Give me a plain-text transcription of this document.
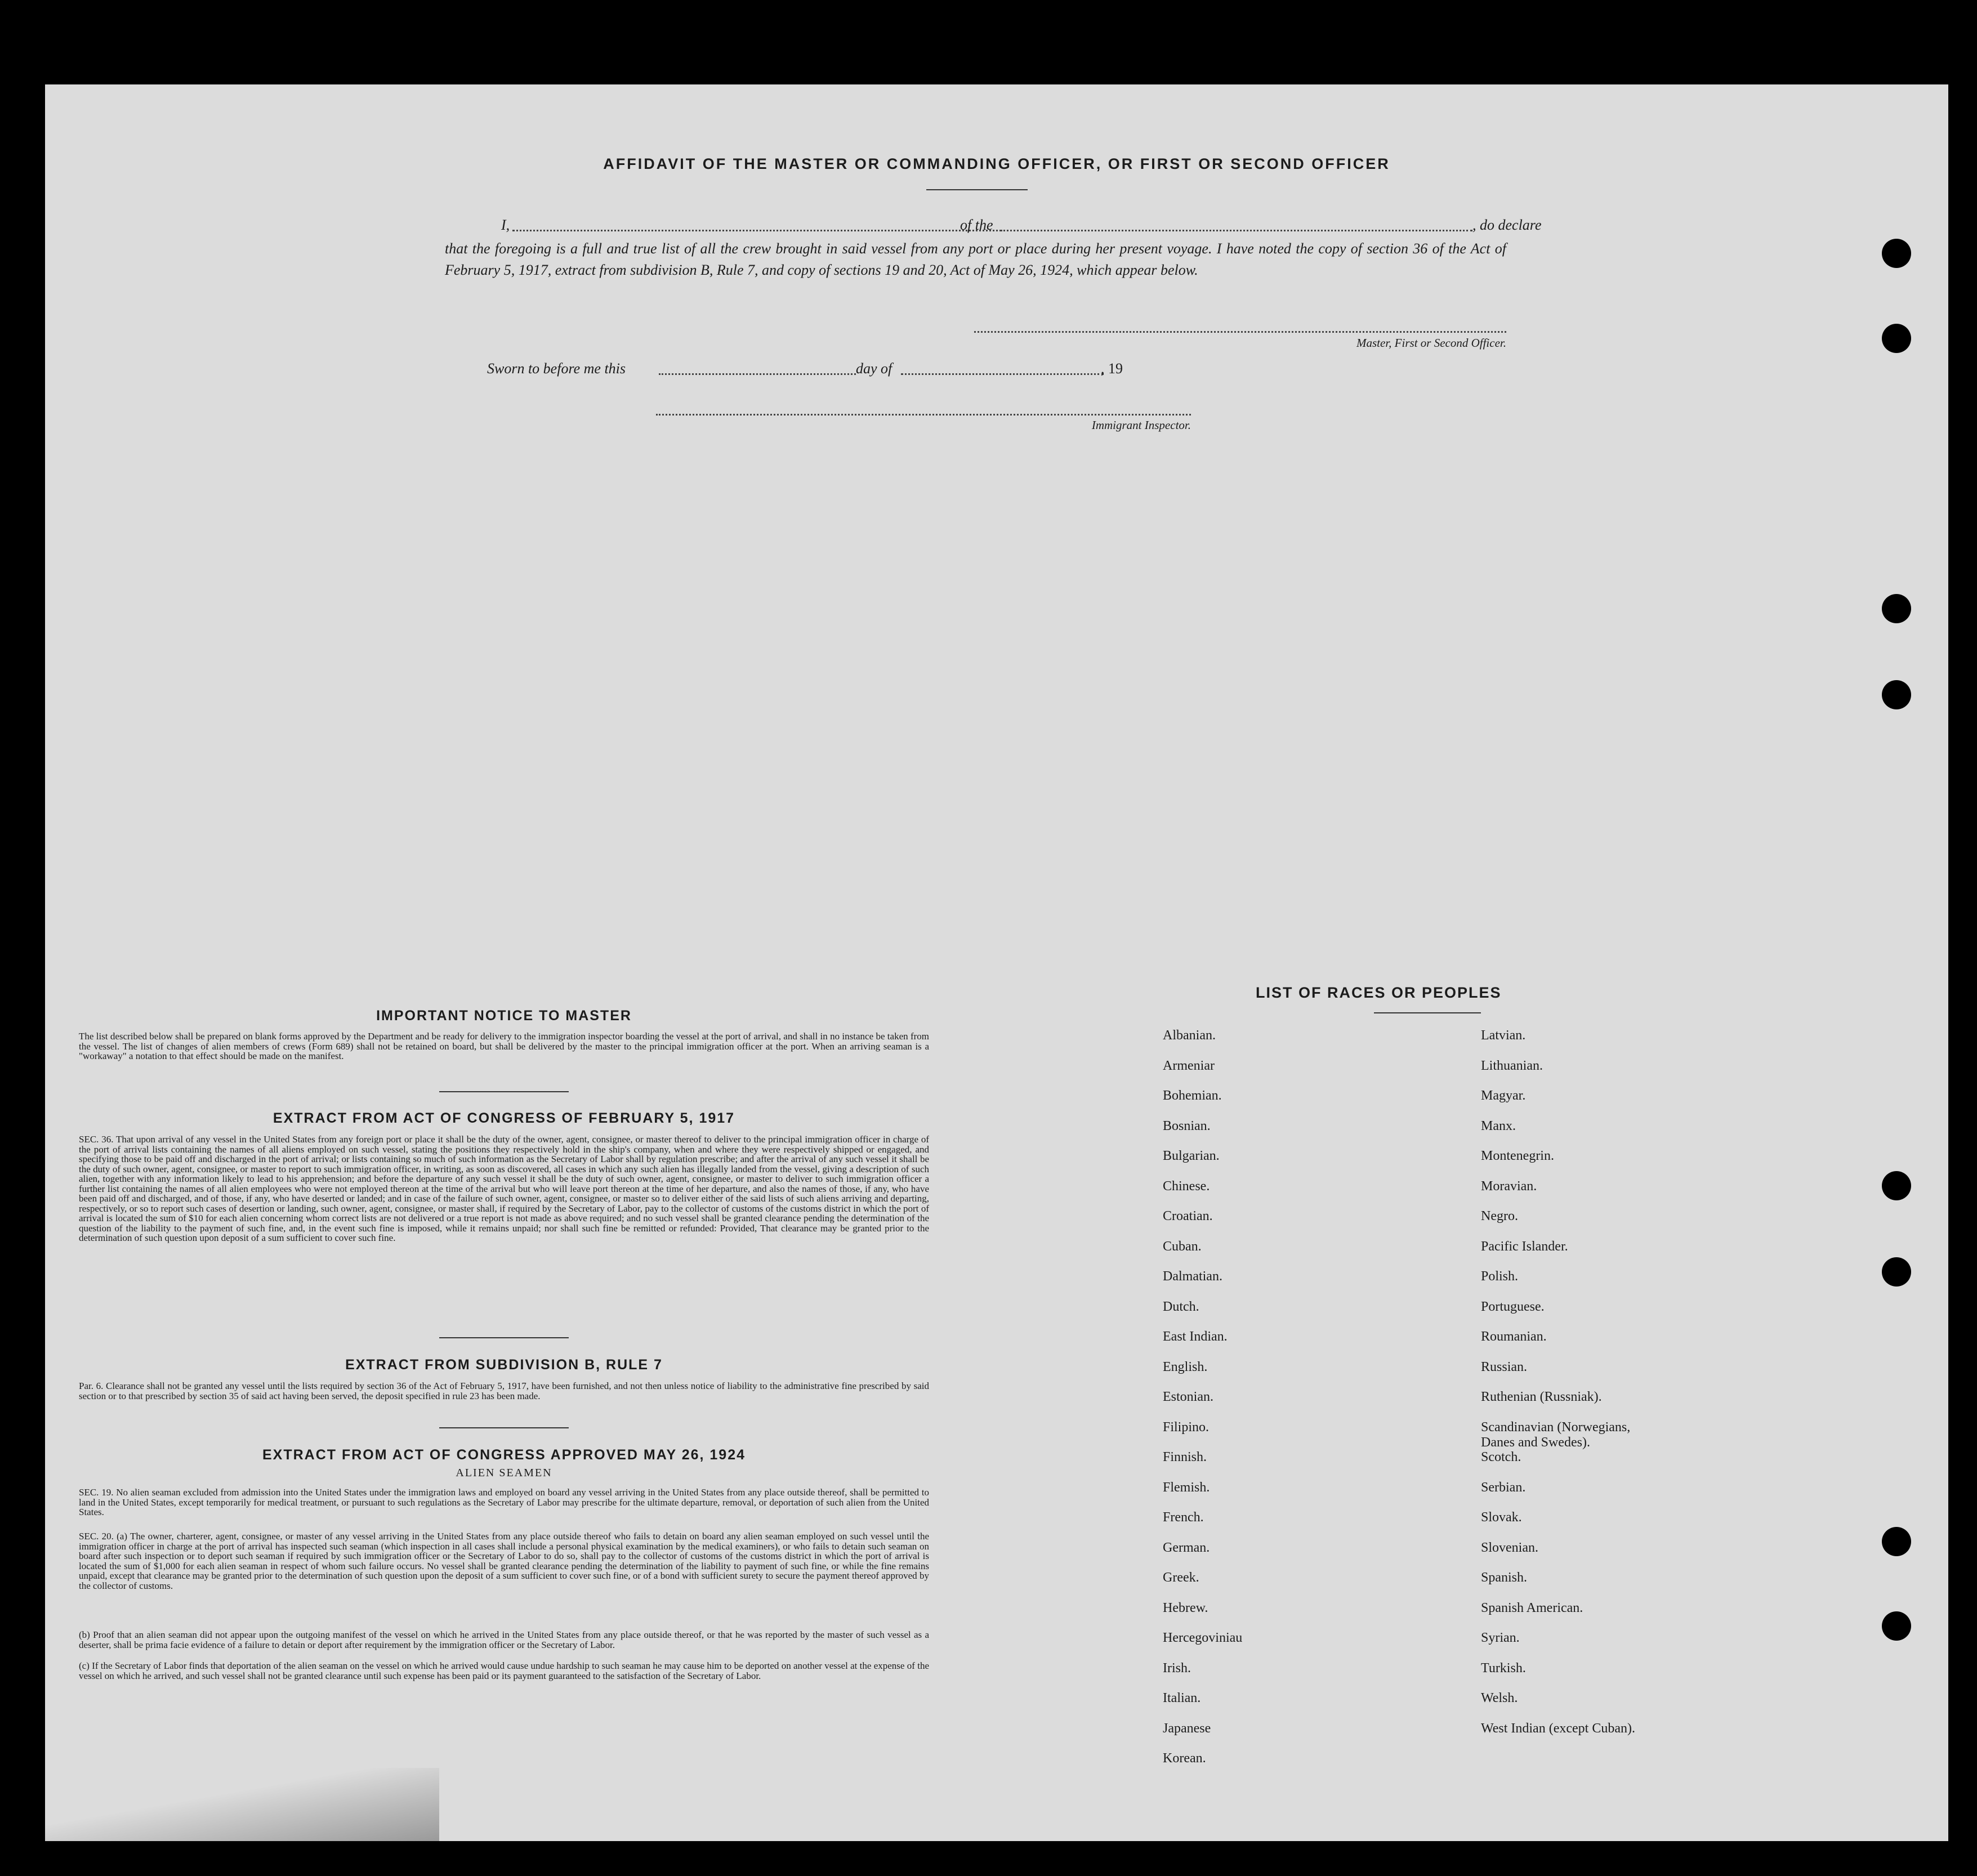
AFFIDAVIT OF THE MASTER OR COMMANDING OFFICER, OR FIRST OR SECOND OFFICER
I,	of the	, do declare
that the foregoing is a full and true list of all the crew brought in said vessel from any port or place during her present voyage. I have noted the copy of section 36 of the Act of February 5, 1917, extract from subdivision B, Rule 7, and copy of sections 19 and 20, Act of May 26, 1924, which appear below.
Master, First or Second Officer.
Sworn to before me this	day of	, 19
Immigrant Inspector.
IMPORTANT NOTICE TO MASTER
The list described below shall be prepared on blank forms approved by the Department and be ready for delivery to the immigration inspector boarding the vessel at the port of arrival, and shall in no instance be taken from the vessel. The list of changes of alien members of crews (Form 689) shall not be retained on board, but shall be delivered by the master to the principal immigration officer at the port. When an arriving seaman is a "workaway" a notation to that effect should be made on the manifest.
EXTRACT FROM ACT OF CONGRESS OF FEBRUARY 5, 1917
SEC. 36. That upon arrival of any vessel in the United States from any foreign port or place it shall be the duty of the owner, agent, consignee, or master thereof to deliver to the principal immigration officer in charge of the port of arrival lists containing the names of all aliens employed on such vessel, stating the positions they respectively hold in the ship's company, when and where they were respectively shipped or engaged, and specifying those to be paid off and discharged in the port of arrival; or lists containing so much of such information as the Secretary of Labor shall by regulation prescribe; and after the arrival of any such vessel it shall be the duty of such owner, agent, consignee, or master to report to such immigration officer, in writing, as soon as discovered, all cases in which any such alien has illegally landed from the vessel, giving a description of such alien, together with any information likely to lead to his apprehension; and before the departure of any such vessel it shall be the duty of such owner, agent, consignee, or master to deliver to such immigration officer a further list containing the names of all alien employees who were not employed thereon at the time of the arrival but who will leave port thereon at the time of her departure, and also the names of those, if any, who have been paid off and discharged, and of those, if any, who have deserted or landed; and in case of the failure of such owner, agent, consignee, or master so to deliver either of the said lists of such aliens arriving and departing, respectively, or so to report such cases of desertion or landing, such owner, agent, consignee, or master shall, if required by the Secretary of Labor, pay to the collector of customs of the customs district in which the port of arrival is located the sum of $10 for each alien concerning whom correct lists are not delivered or a true report is not made as above required; and no such vessel shall be granted clearance pending the determination of the question of the liability to the payment of such fine, and, in the event such fine is imposed, while it remains unpaid; nor shall such fine be remitted or refunded: Provided, That clearance may be granted prior to the determination of such question upon deposit of a sum sufficient to cover such fine.
EXTRACT FROM SUBDIVISION B, RULE 7
Par. 6. Clearance shall not be granted any vessel until the lists required by section 36 of the Act of February 5, 1917, have been furnished, and not then unless notice of liability to the administrative fine prescribed by said section or to that prescribed by section 35 of said act having been served, the deposit specified in rule 23 has been made.
EXTRACT FROM ACT OF CONGRESS APPROVED MAY 26, 1924
ALIEN SEAMEN
SEC. 19. No alien seaman excluded from admission into the United States under the immigration laws and employed on board any vessel arriving in the United States from any place outside thereof, shall be permitted to land in the United States, except temporarily for medical treatment, or pursuant to such regulations as the Secretary of Labor may prescribe for the ultimate departure, removal, or deportation of such alien from the United States.
SEC. 20. (a) The owner, charterer, agent, consignee, or master of any vessel arriving in the United States from any place outside thereof who fails to detain on board any alien seaman employed on such vessel until the immigration officer in charge at the port of arrival has inspected such seaman (which inspection in all cases shall include a personal physical examination by the medical examiners), or who fails to detain such seaman on board after such inspection or to deport such seaman if required by such immigration officer or the Secretary of Labor to do so, shall pay to the collector of customs of the customs district in which the port of arrival is located the sum of $1,000 for each alien seaman in respect of whom such failure occurs. No vessel shall be granted clearance pending the determination of the liability to payment of such fine, or while the fine remains unpaid, except that clearance may be granted prior to the determination of such question upon the deposit of a sum sufficient to cover such fine, or of a bond with sufficient surety to secure the payment thereof approved by the collector of customs.
(b) Proof that an alien seaman did not appear upon the outgoing manifest of the vessel on which he arrived in the United States from any place outside thereof, or that he was reported by the master of such vessel as a deserter, shall be prima facie evidence of a failure to detain or deport after requirement by the immigration officer or the Secretary of Labor.
(c) If the Secretary of Labor finds that deportation of the alien seaman on the vessel on which he arrived would cause undue hardship to such seaman he may cause him to be deported on another vessel at the expense of the vessel on which he arrived, and such vessel shall not be granted clearance until such expense has been paid or its payment guaranteed to the satisfaction of the Secretary of Labor.
LIST OF RACES OR PEOPLES
Albanian.
Armeniar
Bohemian.
Bosnian.
Bulgarian.
Chinese.
Croatian.
Cuban.
Dalmatian.
Dutch.
East Indian.
English.
Estonian.
Filipino.
Finnish.
Flemish.
French.
German.
Greek.
Hebrew.
Hercegoviniau
Irish.
Italian.
Japanese
Korean.
Latvian.
Lithuanian.
Magyar.
Manx.
Montenegrin.
Moravian.
Negro.
Pacific Islander.
Polish.
Portuguese.
Roumanian.
Russian.
Ruthenian (Russniak).
Scandinavian (Norwegians,
Danes and Swedes).
Scotch.
Serbian.
Slovak.
Slovenian.
Spanish.
Spanish American.
Syrian.
Turkish.
Welsh.
West Indian (except Cuban).
